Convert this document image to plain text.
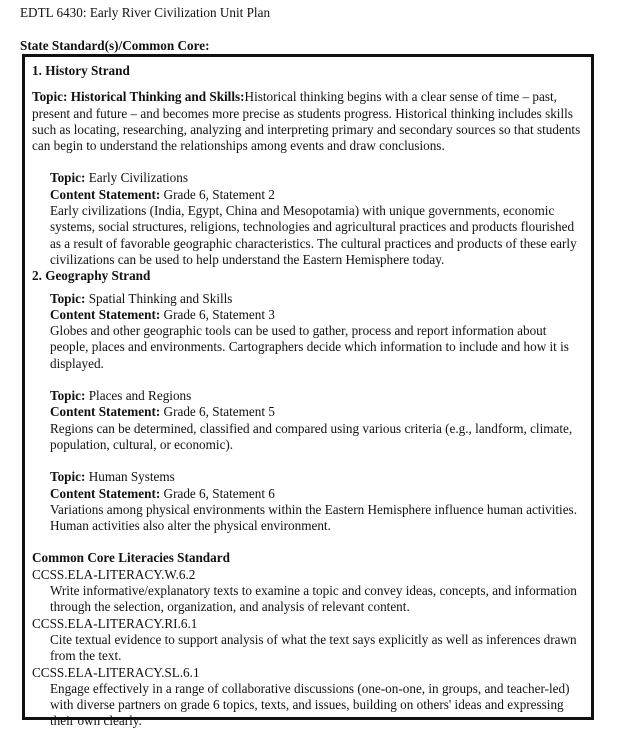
EDTL 6430: Early River Civilization Unit Plan
State Standard(s)/Common Core:
1. History Strand

Topic: Historical Thinking and Skills:Historical thinking begins with a clear sense of time – past, present and future – and becomes more precise as students progress. Historical thinking includes skills such as locating, researching, analyzing and interpreting primary and secondary sources so that students can begin to understand the relationships among events and draw conclusions.

Topic: Early Civilizations
Content Statement: Grade 6, Statement 2
Early civilizations (India, Egypt, China and Mesopotamia) with unique governments, economic systems, social structures, religions, technologies and agricultural practices and products flourished as a result of favorable geographic characteristics. The cultural practices and products of these early civilizations can be used to help understand the Eastern Hemisphere today.
2. Geography Strand
Topic: Spatial Thinking and Skills
Content Statement: Grade 6, Statement 3
Globes and other geographic tools can be used to gather, process and report information about people, places and environments. Cartographers decide which information to include and how it is displayed.
Topic: Places and Regions
Content Statement: Grade 6, Statement 5
Regions can be determined, classified and compared using various criteria (e.g., landform, climate, population, cultural, or economic).
Topic: Human Systems
Content Statement: Grade 6, Statement 6
Variations among physical environments within the Eastern Hemisphere influence human activities. Human activities also alter the physical environment.
Common Core Literacies Standard
CCSS.ELA-LITERACY.W.6.2
Write informative/explanatory texts to examine a topic and convey ideas, concepts, and information through the selection, organization, and analysis of relevant content.
CCSS.ELA-LITERACY.RI.6.1
Cite textual evidence to support analysis of what the text says explicitly as well as inferences drawn from the text.
CCSS.ELA-LITERACY.SL.6.1
Engage effectively in a range of collaborative discussions (one-on-one, in groups, and teacher-led) with diverse partners on grade 6 topics, texts, and issues, building on others' ideas and expressing their own clearly.
